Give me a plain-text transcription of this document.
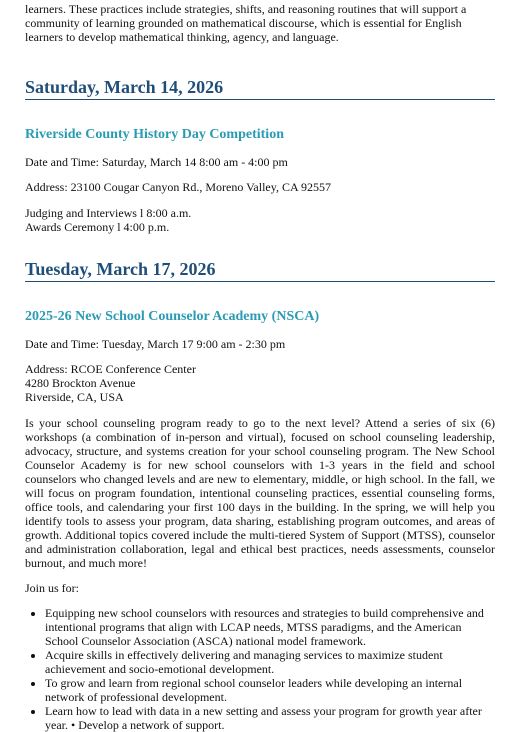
learners. These practices include strategies, shifts, and reasoning routines that will support a community of learning grounded on mathematical discourse, which is essential for English learners to develop mathematical thinking, agency, and language.

Saturday, March 14, 2026
Riverside County History Day Competition

Date and Time: Saturday, March 14 8:00 am - 4:00 pm

Address: 23100 Cougar Canyon Rd., Moreno Valley, CA 92557

Judging and Interviews l 8:00 a.m.

Awards Ceremony l 4:00 p.m.

Tuesday, March 17, 2026
2025-26 New School Counselor Academy (NSCA)

Date and Time: Tuesday, March 17 9:00 am - 2:30 pm

Address: RCOE Conference Center

4280 Brockton Avenue

Riverside, CA, USA

Is your school counseling program ready to go to the next level? Attend a series of six (6) workshops (a combination of in-person and virtual), focused on school counseling leadership, advocacy, structure, and systems creation for your school counseling program. The New School Counselor Academy is for new school counselors with 1-3 years in the field and school counselors who changed levels and are new to elementary, middle, or high school. In the fall, we will focus on program foundation, intentional counseling practices, essential counseling forms, office tools, and calendaring your first 100 days in the building. In the spring, we will help you identify tools to assess your program, data sharing, establishing program outcomes, and areas of growth. Additional topics covered include the multi-tiered System of Support (MTSS), counselor and administration collaboration, legal and ethical best practices, needs assessments, counselor burnout, and much more!

Join us for:

• Equipping new school counselors with resources and strategies to build comprehensive and intentional programs that align with LCAP needs, MTSS paradigms, and the American School Counselor Association (ASCA) national model framework.
• Acquire skills in effectively delivering and managing services to maximize student achievement and socio-emotional development.
• To grow and learn from regional school counselor leaders while developing an internal network of professional development.
• Learn how to lead with data in a new setting and assess your program for growth year after year. • Develop a network of support.
